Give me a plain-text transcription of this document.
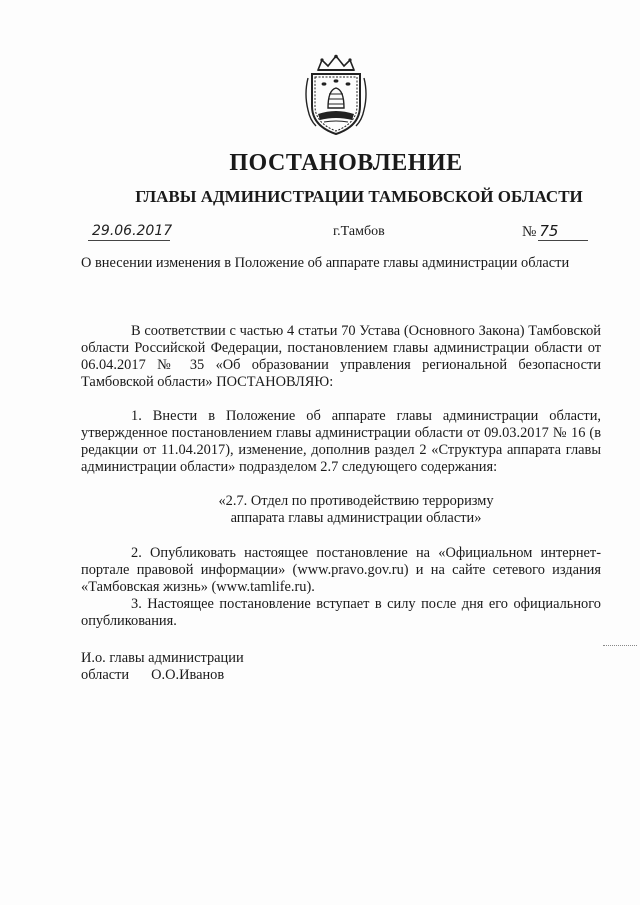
ПОСТАНОВЛЕНИЕ
ГЛАВЫ АДМИНИСТРАЦИИ ТАМБОВСКОЙ ОБЛАСТИ
29.06.2017	г.Тамбов	№ 75
О внесении изменения в Положение об аппарате главы администрации области

В соответствии с частью 4 статьи 70 Устава (Основного Закона) Тамбовской области Российской Федерации, постановлением главы администрации области от 06.04.2017 № 35 «Об образовании управления региональной безопасности Тамбовской области» ПОСТАНОВЛЯЮ:

1. Внести в Положение об аппарате главы администрации области, утвержденное постановлением главы администрации области от 09.03.2017 № 16 (в редакции от 11.04.2017), изменение, дополнив раздел 2 «Структура аппарата главы администрации области» подразделом 2.7 следующего содержания:

«2.7. Отдел по противодействию терроризму
аппарата главы администрации области»

2. Опубликовать настоящее постановление на «Официальном интернет-портале правовой информации» (www.pravo.gov.ru) и на сайте сетевого издания «Тамбовская жизнь» (www.tamlife.ru).

3. Настоящее постановление вступает в силу после дня его официального опубликования.

И.о. главы администрации
области О.О.Иванов
